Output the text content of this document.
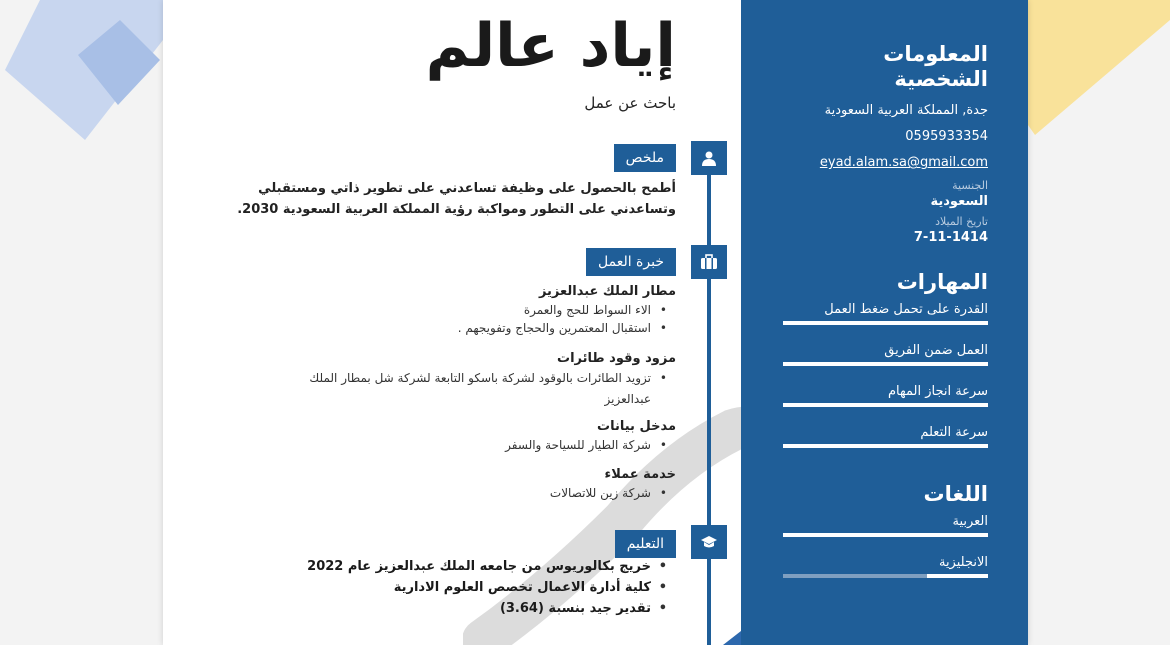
إياد عالم
باحث عن عمل
ملخص
أطمح بالحصول على وظيفة تساعدني على تطوير ذاتي ومستقبلي وتساعدني على التطور ومواكبة رؤية المملكة العربية السعودية 2030.
خبرة العمل

مطار الملك عبدالعزيز

• الاء السواط للحج والعمرة
• استقبال المعتمرين والحجاج وتفويجهم .

مزود وقود طائرات

• تزويد الطائرات بالوقود لشركة باسكو التابعة لشركة شل بمطار الملك عبدالعزيز

مدخل بيانات

• شركة الطيار للسياحة والسفر

خدمة عملاء

• شركة زين للاتصالات
التعليم
• خريج بكالوريوس من جامعه الملك عبدالعزيز عام 2022
• كلية أدارة الاعمال تخصص العلوم الادارية
• تقدير جيد بنسبة (3.64)

المعلومات الشخصية

جدة, المملكة العربية السعودية

0595933354

eyad.alam.sa@gmail.com

الجنسية

السعودية

تاريخ الميلاد

7-11-1414

المهارات

القدرة على تحمل ضغط العمل
العمل ضمن الفريق
سرعة انجاز المهام
سرعة التعلم

اللغات

العربية
الانجليزية
